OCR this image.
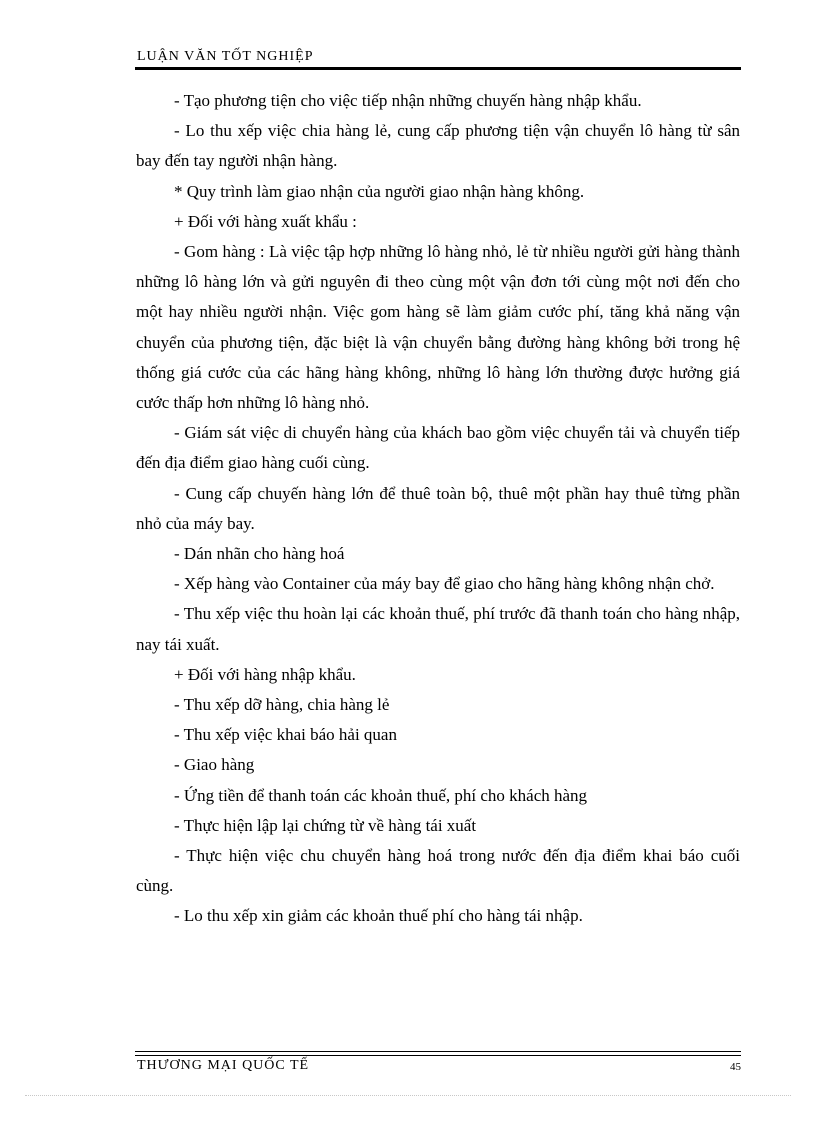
LUẬN VĂN TỐT NGHIỆP

- Tạo phương tiện cho việc tiếp nhận những chuyến hàng nhập khẩu.

- Lo thu xếp việc chia hàng lẻ, cung cấp phương tiện vận chuyển lô hàng từ sân bay đến tay người nhận hàng.

* Quy trình làm giao nhận của người giao nhận hàng không.

+ Đối với hàng xuất khẩu :

- Gom hàng : Là việc tập hợp những lô hàng nhỏ, lẻ từ nhiều người gửi hàng thành những lô hàng lớn và gửi nguyên đi theo cùng một vận đơn tới cùng một nơi đến cho một hay nhiều người nhận. Việc gom hàng sẽ làm giảm cước phí, tăng khả năng vận chuyển của phương tiện, đặc biệt là vận chuyển bằng đường hàng không bởi trong hệ thống giá cước của các hãng hàng không, những lô hàng lớn thường được hưởng giá cước thấp hơn những lô hàng nhỏ.

- Giám sát việc di chuyển hàng của khách bao gồm việc chuyển tải và chuyển tiếp đến địa điểm giao hàng cuối cùng.

- Cung cấp chuyến hàng lớn để thuê toàn bộ, thuê một phần hay thuê từng phần nhỏ của máy bay.

- Dán nhãn cho hàng hoá

- Xếp hàng vào Container của máy bay để giao cho hãng hàng không nhận chở.

- Thu xếp việc thu hoàn lại các khoản thuế, phí trước đã thanh toán cho hàng nhập, nay tái xuất.

+ Đối với hàng nhập khẩu.

- Thu xếp dỡ hàng, chia hàng lẻ

- Thu xếp việc khai báo hải quan

- Giao hàng

- Ứng tiền để thanh toán các khoản thuế, phí cho khách hàng

- Thực hiện lập lại chứng từ về hàng tái xuất

- Thực hiện việc chu chuyển hàng hoá trong nước đến địa điểm khai báo cuối cùng.

- Lo thu xếp xin giảm các khoản thuế phí cho hàng tái nhập.

THƯƠNG MẠI QUỐC TẾ	45
